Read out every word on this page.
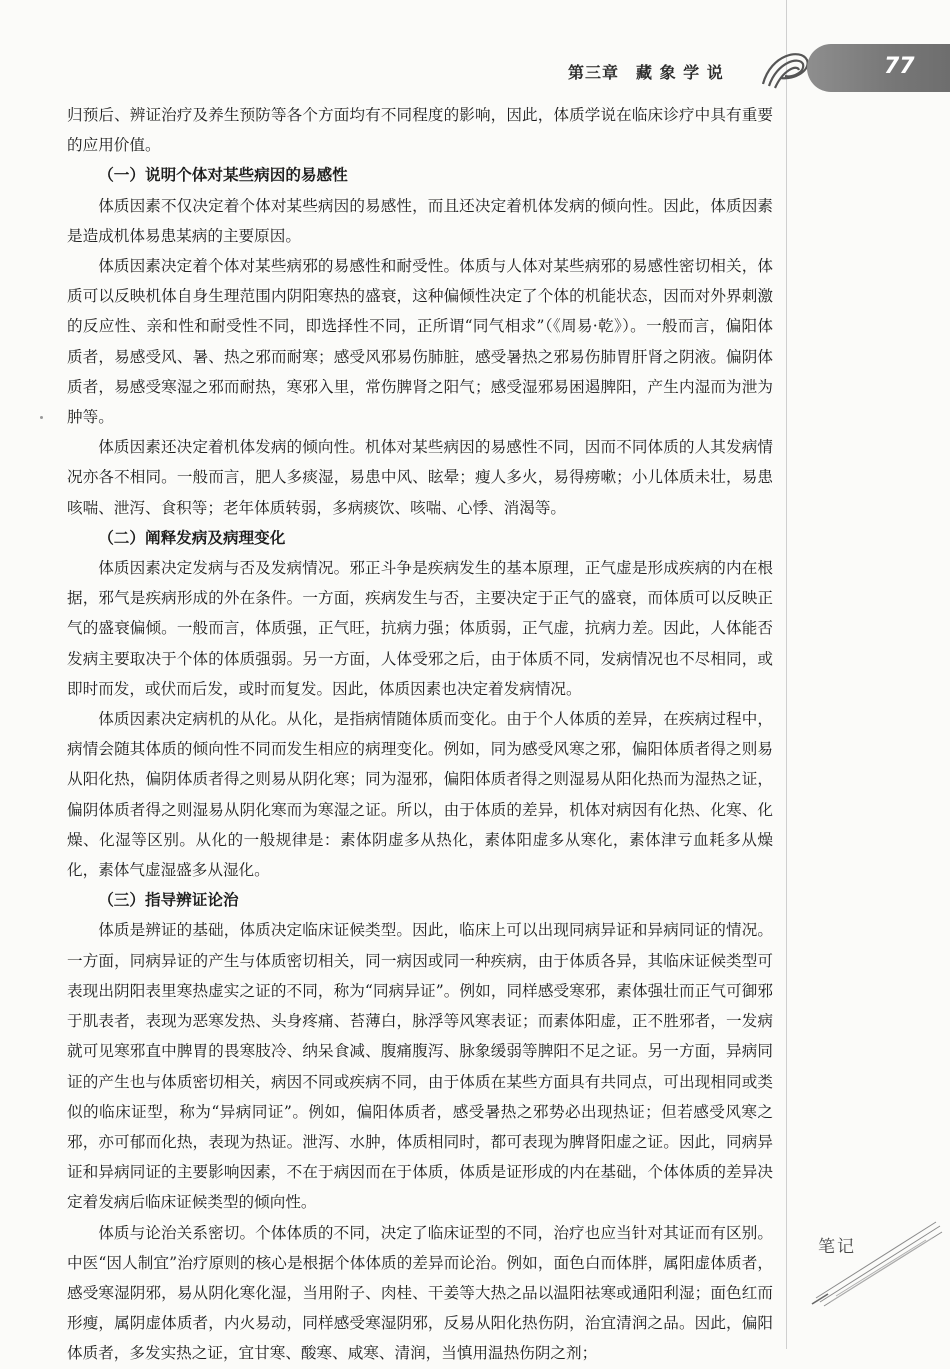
第三章　藏 象 学 说	77

归预后、辨证治疗及养生预防等各个方面均有不同程度的影响，因此，体质学说在临床诊疗中具有重要的应用价值。

（一）说明个体对某些病因的易感性

体质因素不仅决定着个体对某些病因的易感性，而且还决定着机体发病的倾向性。因此，体质因素是造成机体易患某病的主要原因。

体质因素决定着个体对某些病邪的易感性和耐受性。体质与人体对某些病邪的易感性密切相关，体质可以反映机体自身生理范围内阴阳寒热的盛衰，这种偏倾性决定了个体的机能状态，因而对外界刺激的反应性、亲和性和耐受性不同，即选择性不同，正所谓“同气相求”（《周易·乾》）。一般而言，偏阳体质者，易感受风、暑、热之邪而耐寒；感受风邪易伤肺脏，感受暑热之邪易伤肺胃肝肾之阴液。偏阴体质者，易感受寒湿之邪而耐热，寒邪入里，常伤脾肾之阳气；感受湿邪易困遏脾阳，产生内湿而为泄为肿等。

体质因素还决定着机体发病的倾向性。机体对某些病因的易感性不同，因而不同体质的人其发病情况亦各不相同。一般而言，肥人多痰湿，易患中风、眩晕；瘦人多火，易得痨嗽；小儿体质未壮，易患咳喘、泄泻、食积等；老年体质转弱，多病痰饮、咳喘、心悸、消渴等。

（二）阐释发病及病理变化

体质因素决定发病与否及发病情况。邪正斗争是疾病发生的基本原理，正气虚是形成疾病的内在根据，邪气是疾病形成的外在条件。一方面，疾病发生与否，主要决定于正气的盛衰，而体质可以反映正气的盛衰偏倾。一般而言，体质强，正气旺，抗病力强；体质弱，正气虚，抗病力差。因此，人体能否发病主要取决于个体的体质强弱。另一方面，人体受邪之后，由于体质不同，发病情况也不尽相同，或即时而发，或伏而后发，或时而复发。因此，体质因素也决定着发病情况。

体质因素决定病机的从化。从化，是指病情随体质而变化。由于个人体质的差异，在疾病过程中，病情会随其体质的倾向性不同而发生相应的病理变化。例如，同为感受风寒之邪，偏阳体质者得之则易从阳化热，偏阴体质者得之则易从阴化寒；同为湿邪，偏阳体质者得之则湿易从阳化热而为湿热之证，偏阴体质者得之则湿易从阴化寒而为寒湿之证。所以，由于体质的差异，机体对病因有化热、化寒、化燥、化湿等区别。从化的一般规律是：素体阴虚多从热化，素体阳虚多从寒化，素体津亏血耗多从燥化，素体气虚湿盛多从湿化。

（三）指导辨证论治

体质是辨证的基础，体质决定临床证候类型。因此，临床上可以出现同病异证和异病同证的情况。一方面，同病异证的产生与体质密切相关，同一病因或同一种疾病，由于体质各异，其临床证候类型可表现出阴阳表里寒热虚实之证的不同，称为“同病异证”。例如，同样感受寒邪，素体强壮而正气可御邪于肌表者，表现为恶寒发热、头身疼痛、苔薄白，脉浮等风寒表证；而素体阳虚，正不胜邪者，一发病就可见寒邪直中脾胃的畏寒肢冷、纳呆食减、腹痛腹泻、脉象缓弱等脾阳不足之证。另一方面，异病同证的产生也与体质密切相关，病因不同或疾病不同，由于体质在某些方面具有共同点，可出现相同或类似的临床证型，称为“异病同证”。例如，偏阳体质者，感受暑热之邪势必出现热证；但若感受风寒之邪，亦可郁而化热，表现为热证。泄泻、水肿，体质相同时，都可表现为脾肾阳虚之证。因此，同病异证和异病同证的主要影响因素，不在于病因而在于体质，体质是证形成的内在基础，个体体质的差异决定着发病后临床证候类型的倾向性。

体质与论治关系密切。个体体质的不同，决定了临床证型的不同，治疗也应当针对其证而有区别。中医“因人制宜”治疗原则的核心是根据个体体质的差异而论治。例如，面色白而体胖，属阳虚体质者，感受寒湿阴邪，易从阴化寒化湿，当用附子、肉桂、干姜等大热之品以温阳祛寒或通阳利湿；面色红而形瘦，属阴虚体质者，内火易动，同样感受寒湿阴邪，反易从阳化热伤阴，治宜清润之品。因此，偏阳体质者，多发实热之证，宜甘寒、酸寒、咸寒、清润，当慎用温热伤阴之剂；

笔记
